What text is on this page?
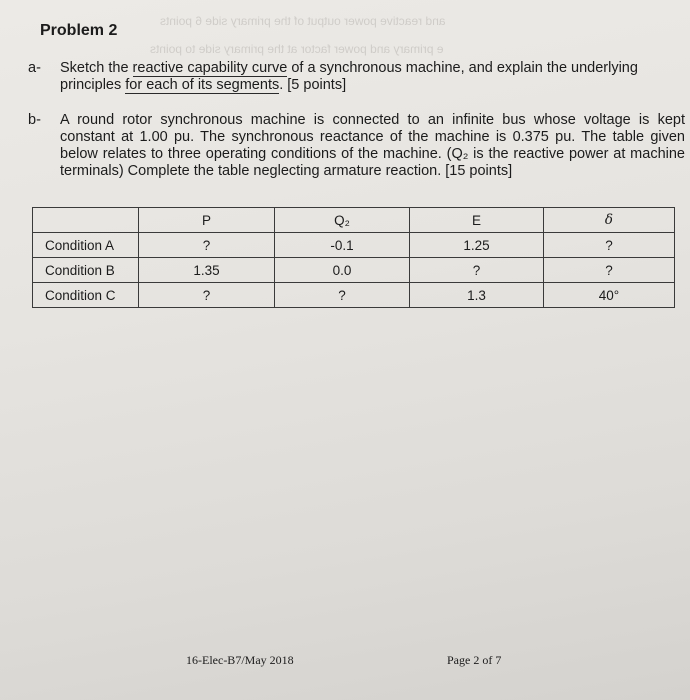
and reactive power output of the primary side 6 points
e primary and power factor at the primary side to points
Problem 2
a- Sketch the reactive capability curve of a synchronous machine, and explain the underlying principles for each of its segments. [5 points]
b- A round rotor synchronous machine is connected to an infinite bus whose voltage is kept constant at 1.00 pu. The synchronous reactance of the machine is 0.375 pu. The table given below relates to three operating conditions of the machine. (Q₂ is the reactive power at machine terminals) Complete the table neglecting armature reaction. [15 points]
	P	Q₂	E	δ
Condition A	?	-0.1	1.25	?
Condition B	1.35	0.0	?	?
Condition C	?	?	1.3	40°
16-Elec-B7/May 2018	Page 2 of 7
